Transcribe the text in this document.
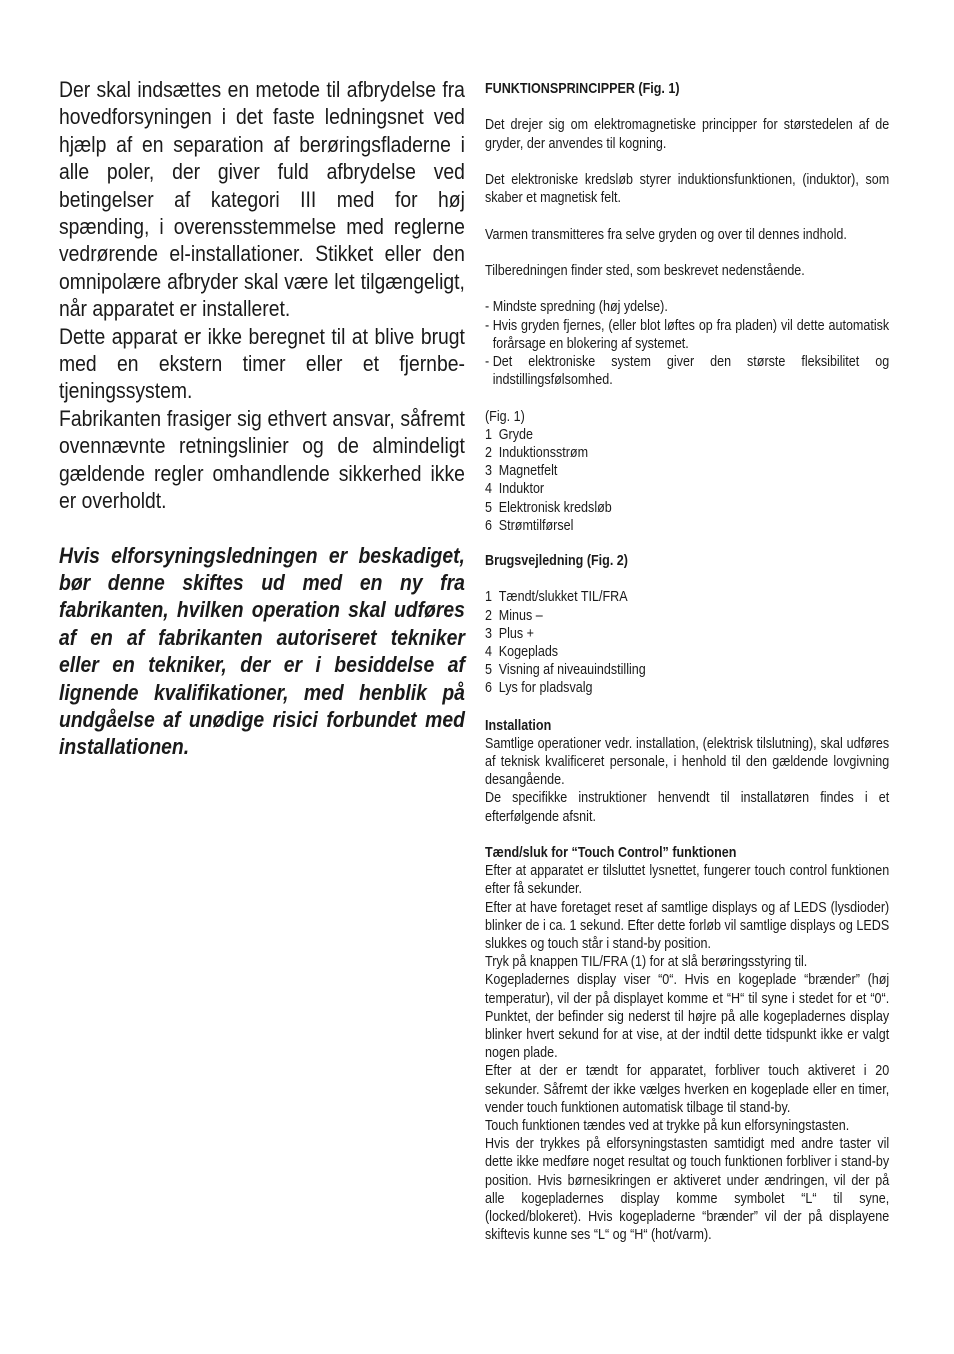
Der skal indsættes en metode til afbrydelse fra hovedforsyningen i det faste ledningsnet ved hjælp af en separation af berøringsfladerne i alle poler, der giver fuld afbrydelse ved betingelser af kategori III med for høj spænding, i overensstemmelse med reglerne vedrørende el-installationer. Stikket eller den omnipolære afbryder skal være let tilgængeligt, når apparatet er installeret.

Dette apparat er ikke beregnet til at blive brugt med en ekstern timer eller et fjernbetjeningssystem.

Fabrikanten frasiger sig ethvert ansvar, såfremt ovennævnte retningslinier og de almindeligt gældende regler omhandlende sikkerhed ikke er overholdt.

Hvis elforsyningsledningen er beskadiget, bør denne skiftes ud med en ny fra fabrikanten, hvilken operation skal udføres af en af fabrikanten autoriseret tekniker eller en tekniker, der er i besiddelse af lignende kvalifikationer, med henblik på undgåelse af unødige risici forbundet med installationen.

FUNKTIONSPRINCIPPER (Fig. 1)

Det drejer sig om elektromagnetiske principper for størstedelen af de gryder, der anvendes til kogning.

Det elektroniske kredsløb styrer induktionsfunktionen, (induktor), som skaber et magnetisk felt.

Varmen transmitteres fra selve gryden og over til dennes indhold.

Tilberedningen finder sted, som beskrevet nedenstående.

- Mindste spredning (høj ydelse).
- Hvis gryden fjernes, (eller blot løftes op fra pladen) vil dette automatisk forårsage en blokering af systemet.
- Det elektroniske system giver den største fleksibilitet og indstillingsfølsomhed.

(Fig. 1)

1 Gryde
2 Induktionsstrøm
3 Magnetfelt
4 Induktor
5 Elektronisk kredsløb
6 Strømtilførsel

Brugsvejledning (Fig. 2)

1 Tændt/slukket TIL/FRA
2 Minus –
3 Plus +
4 Kogeplads
5 Visning af niveauindstilling
6 Lys for pladsvalg

Installation

Samtlige operationer vedr. installation, (elektrisk tilslutning), skal udføres af teknisk kvalificeret personale, i henhold til den gældende lovgivning desangående.

De specifikke instruktioner henvendt til installatøren findes i et efterfølgende afsnit.

Tænd/sluk for “Touch Control” funktionen

Efter at apparatet er tilsluttet lysnettet, fungerer touch control funktionen efter få sekunder.

Efter at have foretaget reset af samtlige displays og af LEDS (lysdioder) blinker de i ca. 1 sekund. Efter dette forløb vil samtlige displays og LEDS slukkes og touch står i stand-by position.

Tryk på knappen TIL/FRA (1) for at slå berøringsstyring til.

Kogepladernes display viser “0“. Hvis en kogeplade “brænder” (høj temperatur), vil der på displayet komme et “H“ til syne i stedet for et “0“. Punktet, der befinder sig nederst til højre på alle kogepladernes display blinker hvert sekund for at vise, at der indtil dette tidspunkt ikke er valgt nogen plade.

Efter at der er tændt for apparatet, forbliver touch aktiveret i 20 sekunder. Såfremt der ikke vælges hverken en kogeplade eller en timer, vender touch funktionen automatisk tilbage til stand-by.

Touch funktionen tændes ved at trykke på kun elforsyningstasten.

Hvis der trykkes på elforsyningstasten samtidigt med andre taster vil dette ikke medføre noget resultat og touch funktionen forbliver i stand-by position. Hvis børnesikringen er aktiveret under ændringen, vil der på alle kogepladernes display komme symbolet “L“ til syne, (locked/blokeret). Hvis kogepladerne “brænder” vil der på displayene skiftevis kunne ses “L“ og “H“ (hot/varm).
